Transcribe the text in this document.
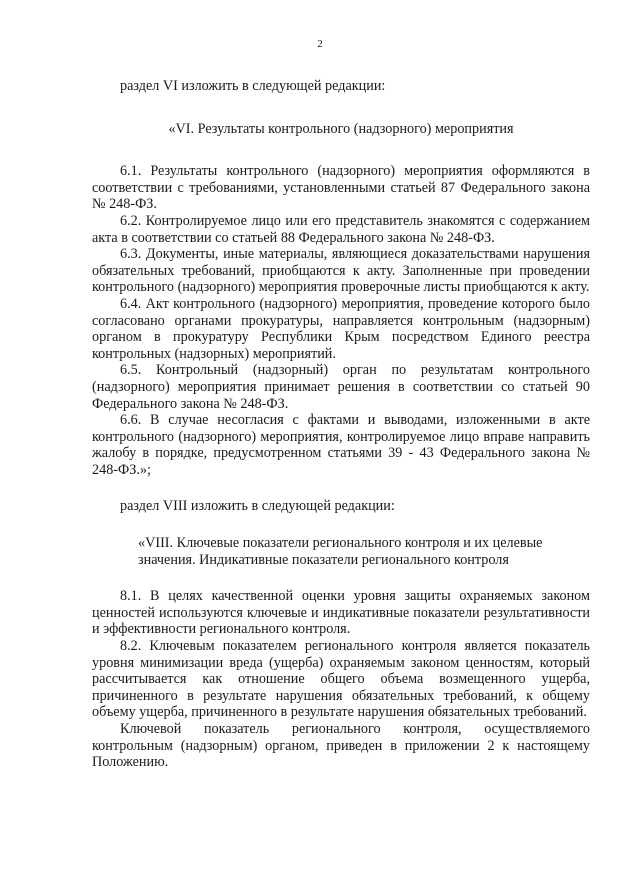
2

раздел VI изложить в следующей редакции:

«VI. Результаты контрольного (надзорного) мероприятия

6.1. Результаты контрольного (надзорного) мероприятия оформляются в соответствии с требованиями, установленными статьей 87 Федерального закона № 248-ФЗ.

6.2. Контролируемое лицо или его представитель знакомятся с содержанием акта в соответствии со статьей 88 Федерального закона № 248-ФЗ.

6.3. Документы, иные материалы, являющиеся доказательствами нарушения обязательных требований, приобщаются к акту. Заполненные при проведении контрольного (надзорного) мероприятия проверочные листы приобщаются к акту.

6.4. Акт контрольного (надзорного) мероприятия, проведение которого было согласовано органами прокуратуры, направляется контрольным (надзорным) органом в прокуратуру Республики Крым посредством Единого реестра контрольных (надзорных) мероприятий.

6.5. Контрольный (надзорный) орган по результатам контрольного (надзорного) мероприятия принимает решения в соответствии со статьей 90 Федерального закона № 248-ФЗ.

6.6. В случае несогласия с фактами и выводами, изложенными в акте контрольного (надзорного) мероприятия, контролируемое лицо вправе направить жалобу в порядке, предусмотренном статьями 39 - 43 Федерального закона № 248-ФЗ.»;

раздел VIII изложить в следующей редакции:

«VIII. Ключевые показатели регионального контроля и их целевые значения. Индикативные показатели регионального контроля

8.1. В целях качественной оценки уровня защиты охраняемых законом ценностей используются ключевые и индикативные показатели результативности и эффективности регионального контроля.

8.2. Ключевым показателем регионального контроля является показатель уровня минимизации вреда (ущерба) охраняемым законом ценностям, который рассчитывается как отношение общего объема возмещенного ущерба, причиненного в результате нарушения обязательных требований, к общему объему ущерба, причиненного в результате нарушения обязательных требований.

Ключевой показатель регионального контроля, осуществляемого контрольным (надзорным) органом, приведен в приложении 2 к настоящему Положению.
